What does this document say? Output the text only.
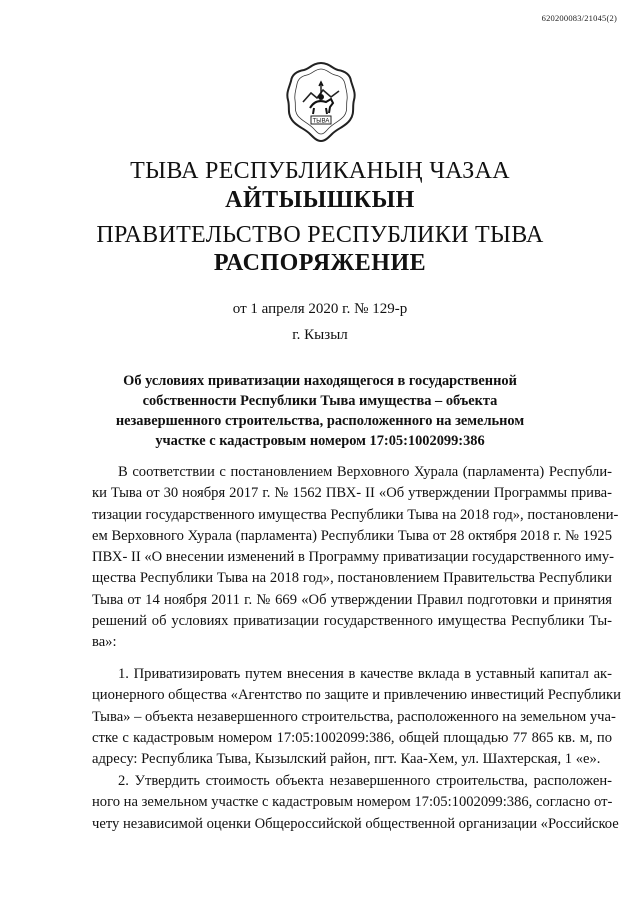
620200083/21045(2)
ТЫВА
ТЫВА РЕСПУБЛИКАНЫҢ ЧАЗАА
АЙТЫЫШКЫН
ПРАВИТЕЛЬСТВО РЕСПУБЛИКИ ТЫВА
РАСПОРЯЖЕНИЕ
от 1 апреля 2020 г. № 129-р
г. Кызыл
Об условиях приватизации находящегося в государственной
собственности Республики Тыва имущества – объекта
незавершенного строительства, расположенного на земельном
участке с кадастровым номером 17:05:1002099:386
В соответствии с постановлением Верховного Хурала (парламента) Республи-
ки Тыва от 30 ноября 2017 г. № 1562 ПВХ- II «Об утверждении Программы прива-
тизации государственного имущества Республики Тыва на 2018 год», постановлени-
ем Верховного Хурала (парламента) Республики Тыва от 28 октября 2018 г. № 1925
ПВХ- II «О внесении изменений в Программу приватизации государственного иму-
щества Республики Тыва на 2018 год», постановлением Правительства Республики
Тыва от 14 ноября 2011 г. № 669 «Об утверждении Правил подготовки и принятия
решений об условиях приватизации государственного имущества Республики Ты-
ва»:
1. Приватизировать путем внесения в качестве вклада в уставный капитал ак-
ционерного общества «Агентство по защите и привлечению инвестиций Республики
Тыва» – объекта незавершенного строительства, расположенного на земельном уча-
стке с кадастровым номером 17:05:1002099:386, общей площадью 77 865 кв. м, по
адресу: Республика Тыва, Кызылский район, пгт. Каа-Хем, ул. Шахтерская, 1 «е».
2. Утвердить стоимость объекта незавершенного строительства, расположен-
ного на земельном участке с кадастровым номером 17:05:1002099:386, согласно от-
чету независимой оценки Общероссийской общественной организации «Российское
